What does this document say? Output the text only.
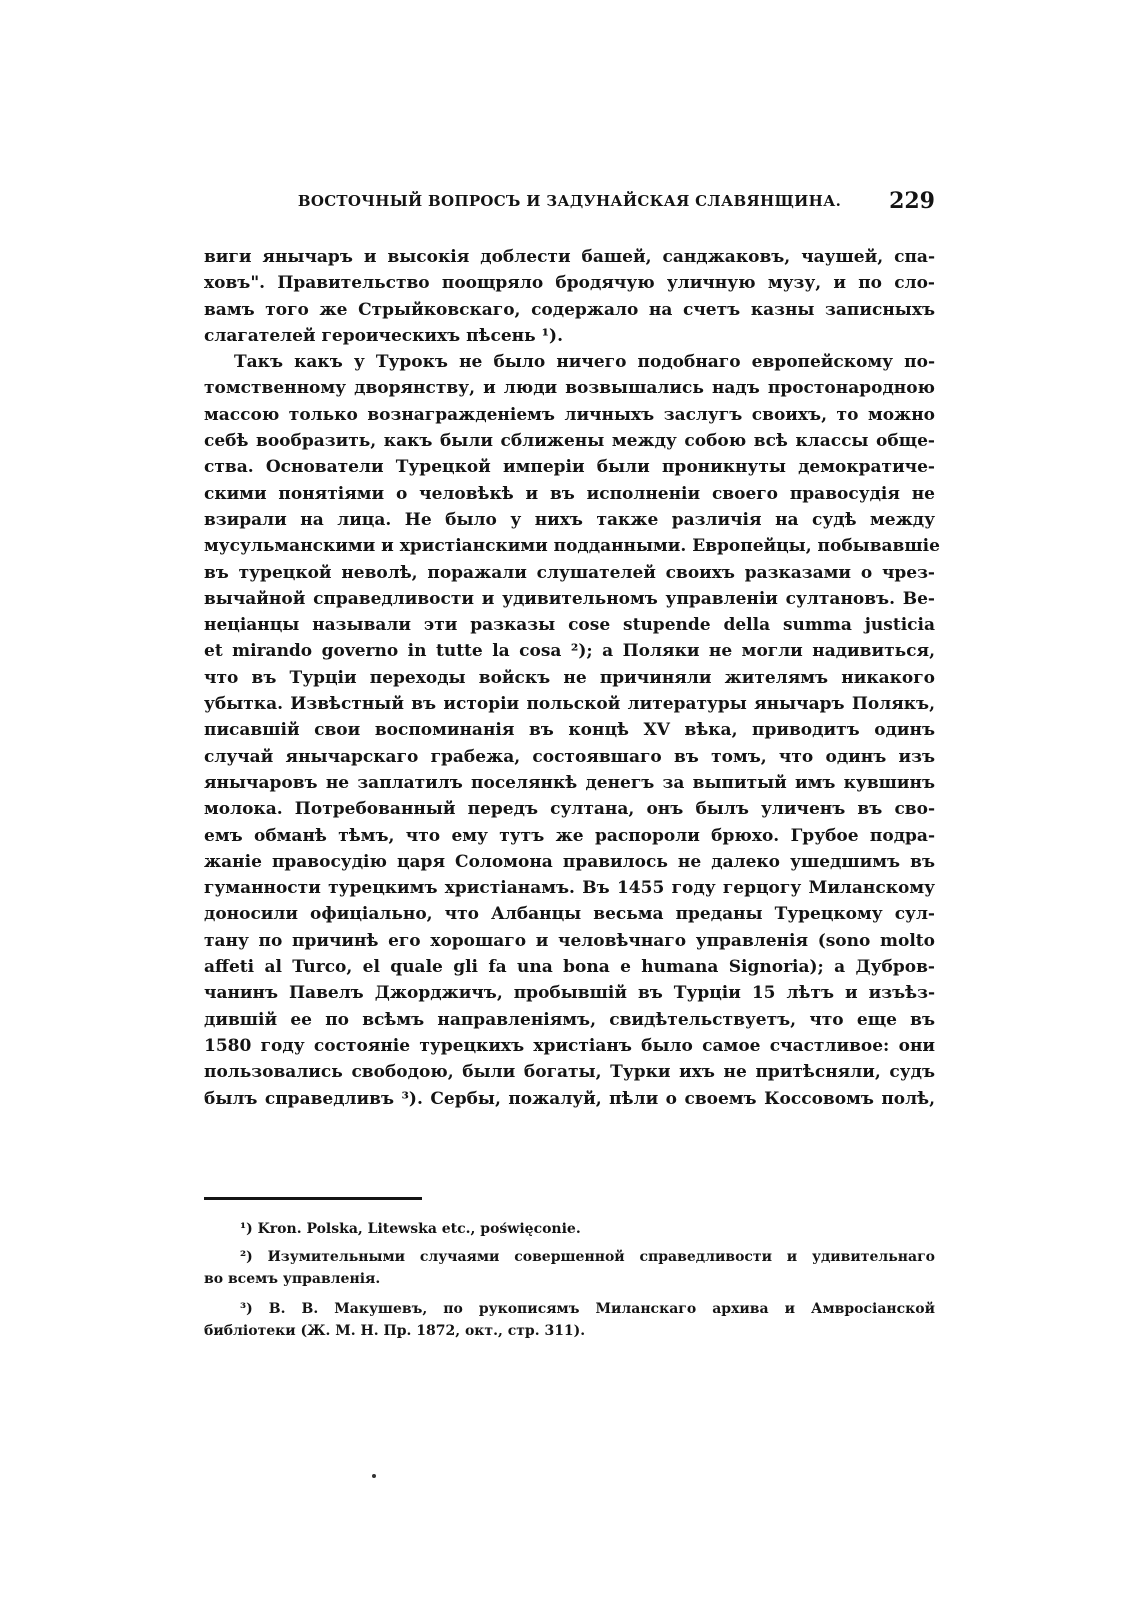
ВОСТОЧНЫЙ ВОПРОСЪ И ЗАДУНАЙСКАЯ СЛАВЯНЩИНА.	229
виги янычаръ и высокія доблести башей, санджаковъ, чаушей, спа-
ховъ". Правительство поощряло бродячую уличную музу, и по сло-
вамъ того же Стрыйковскаго, содержало на счетъ казны записныхъ
слагателей героическихъ пѣсень ¹).
Такъ какъ у Турокъ не было ничего подобнаго европейскому по-
томственному дворянству, и люди возвышались надъ простонародною
массою только вознагражденіемъ личныхъ заслугъ своихъ, то можно
себѣ вообразить, какъ были сближены между собою всѣ классы обще-
ства. Основатели Турецкой имперіи были проникнуты демократиче-
скими понятіями о человѣкѣ и въ исполненіи своего правосудія не
взирали на лица. Не было у нихъ также различія на судѣ между
мусульманскими и христіанскими подданными. Европейцы, побывавшіе
въ турецкой неволѣ, поражали слушателей своихъ разказами о чрез-
вычайной справедливости и удивительномъ управленіи султановъ. Ве-
неціанцы называли эти разказы cose stupende della summa justicia
et mirando governo in tutte la cosa ²); а Поляки не могли надивиться,
что въ Турціи переходы войскъ не причиняли жителямъ никакого
убытка. Извѣстный въ исторіи польской литературы янычаръ Полякъ,
писавшій свои воспоминанія въ концѣ XV вѣка, приводитъ одинъ
случай янычарскаго грабежа, состоявшаго въ томъ, что одинъ изъ
янычаровъ не заплатилъ поселянкѣ денегъ за выпитый имъ кувшинъ
молока. Потребованный передъ султана, онъ былъ уличенъ въ сво-
емъ обманѣ тѣмъ, что ему тутъ же распороли брюхо. Грубое подра-
жаніе правосудію царя Соломона правилось не далеко ушедшимъ въ
гуманности турецкимъ христіанамъ. Въ 1455 году герцогу Миланскому
доносили офиціально, что Албанцы весьма преданы Турецкому сул-
тану по причинѣ его хорошаго и человѣчнаго управленія (sono molto
affeti al Turco, el quale gli fa una bona e humana Signoria); а Дубров-
чанинъ Павелъ Джорджичъ, пробывшій въ Турціи 15 лѣтъ и изъѣз-
дившій ее по всѣмъ направленіямъ, свидѣтельствуетъ, что еще въ
1580 году состояніе турецкихъ христіанъ было самое счастливое: они
пользовались свободою, были богаты, Турки ихъ не притѣсняли, судъ
былъ справедливъ ³). Сербы, пожалуй, пѣли о своемъ Коссовомъ полѣ,
¹) Kron. Polska, Litewska etc., poświęconie.
²) Изумительными случаями совершенной справедливости и удивительнаго
во всемъ управленія.
³) В. В. Макушевъ, по рукописямъ Миланскаго архива и Амвросіанской
библіотеки (Ж. М. Н. Пр. 1872, окт., стр. 311).
